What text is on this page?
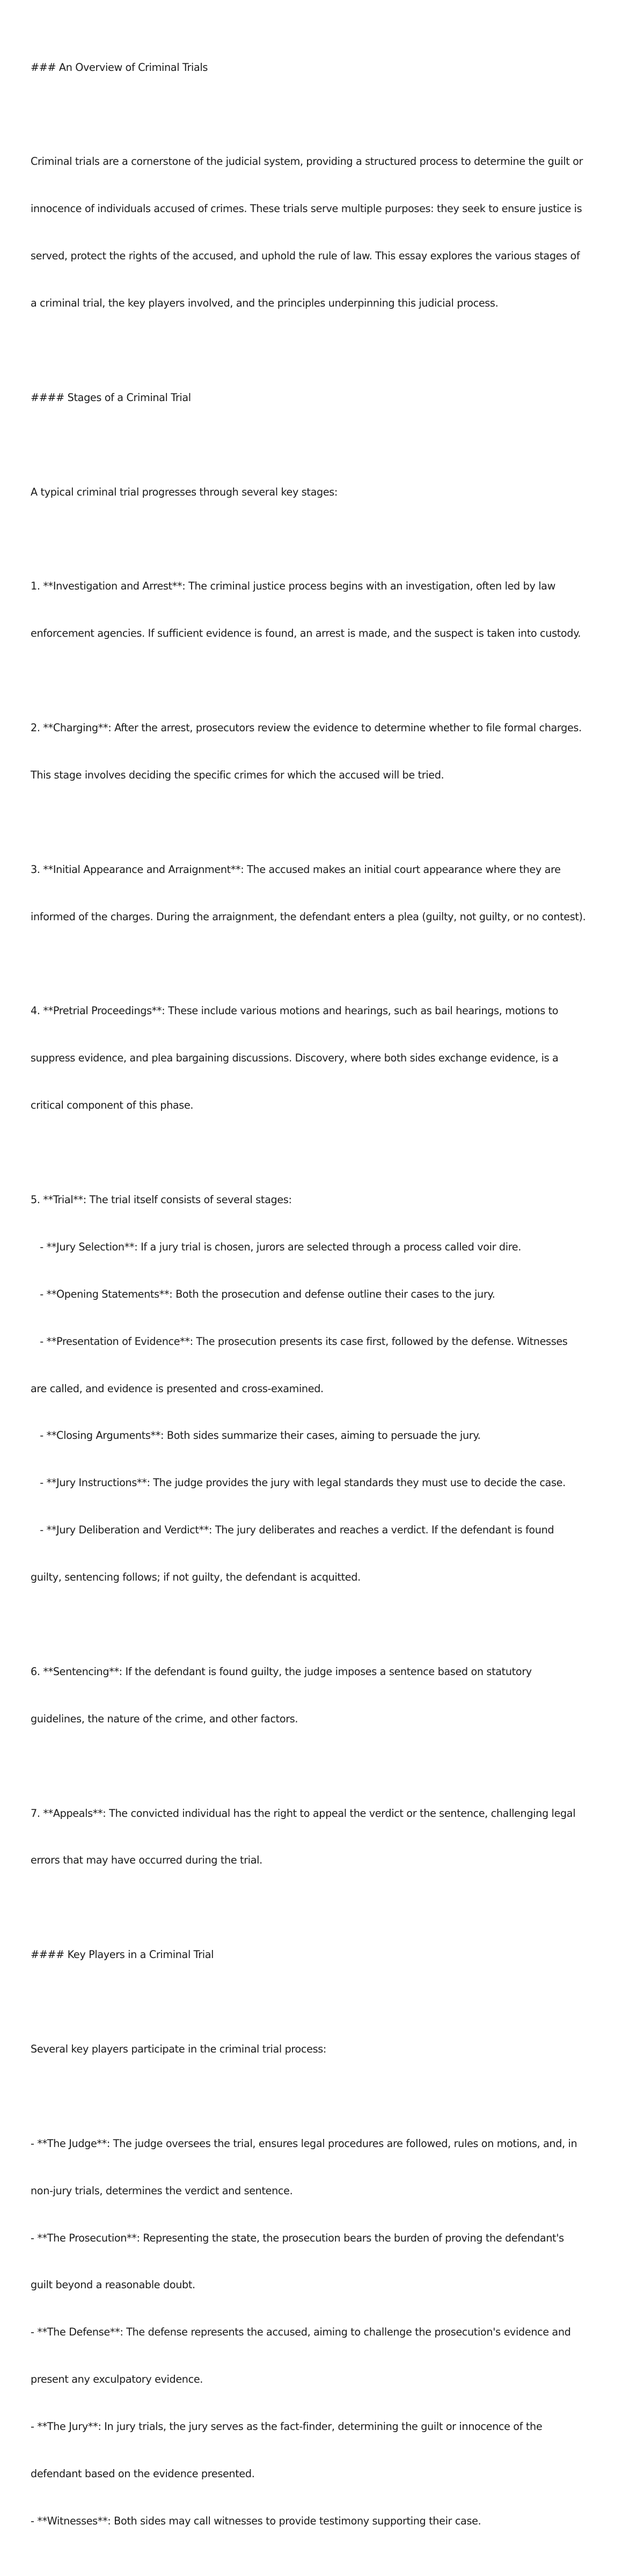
### An Overview of Criminal Trials

Criminal trials are a cornerstone of the judicial system, providing a structured process to determine the guilt or

innocence of individuals accused of crimes. These trials serve multiple purposes: they seek to ensure justice is

served, protect the rights of the accused, and uphold the rule of law. This essay explores the various stages of

a criminal trial, the key players involved, and the principles underpinning this judicial process.

#### Stages of a Criminal Trial

A typical criminal trial progresses through several key stages:

1. **Investigation and Arrest**: The criminal justice process begins with an investigation, often led by law

enforcement agencies. If sufficient evidence is found, an arrest is made, and the suspect is taken into custody.

2. **Charging**: After the arrest, prosecutors review the evidence to determine whether to file formal charges.

This stage involves deciding the specific crimes for which the accused will be tried.

3. **Initial Appearance and Arraignment**: The accused makes an initial court appearance where they are

informed of the charges. During the arraignment, the defendant enters a plea (guilty, not guilty, or no contest).

4. **Pretrial Proceedings**: These include various motions and hearings, such as bail hearings, motions to

suppress evidence, and plea bargaining discussions. Discovery, where both sides exchange evidence, is a

critical component of this phase.

5. **Trial**: The trial itself consists of several stages:

- **Jury Selection**: If a jury trial is chosen, jurors are selected through a process called voir dire.

- **Opening Statements**: Both the prosecution and defense outline their cases to the jury.

- **Presentation of Evidence**: The prosecution presents its case first, followed by the defense. Witnesses

are called, and evidence is presented and cross-examined.

- **Closing Arguments**: Both sides summarize their cases, aiming to persuade the jury.

- **Jury Instructions**: The judge provides the jury with legal standards they must use to decide the case.

- **Jury Deliberation and Verdict**: The jury deliberates and reaches a verdict. If the defendant is found

guilty, sentencing follows; if not guilty, the defendant is acquitted.

6. **Sentencing**: If the defendant is found guilty, the judge imposes a sentence based on statutory

guidelines, the nature of the crime, and other factors.

7. **Appeals**: The convicted individual has the right to appeal the verdict or the sentence, challenging legal

errors that may have occurred during the trial.

#### Key Players in a Criminal Trial

Several key players participate in the criminal trial process:

- **The Judge**: The judge oversees the trial, ensures legal procedures are followed, rules on motions, and, in

non-jury trials, determines the verdict and sentence.

- **The Prosecution**: Representing the state, the prosecution bears the burden of proving the defendant's

guilt beyond a reasonable doubt.

- **The Defense**: The defense represents the accused, aiming to challenge the prosecution's evidence and

present any exculpatory evidence.

- **The Jury**: In jury trials, the jury serves as the fact-finder, determining the guilt or innocence of the

defendant based on the evidence presented.

- **Witnesses**: Both sides may call witnesses to provide testimony supporting their case.
